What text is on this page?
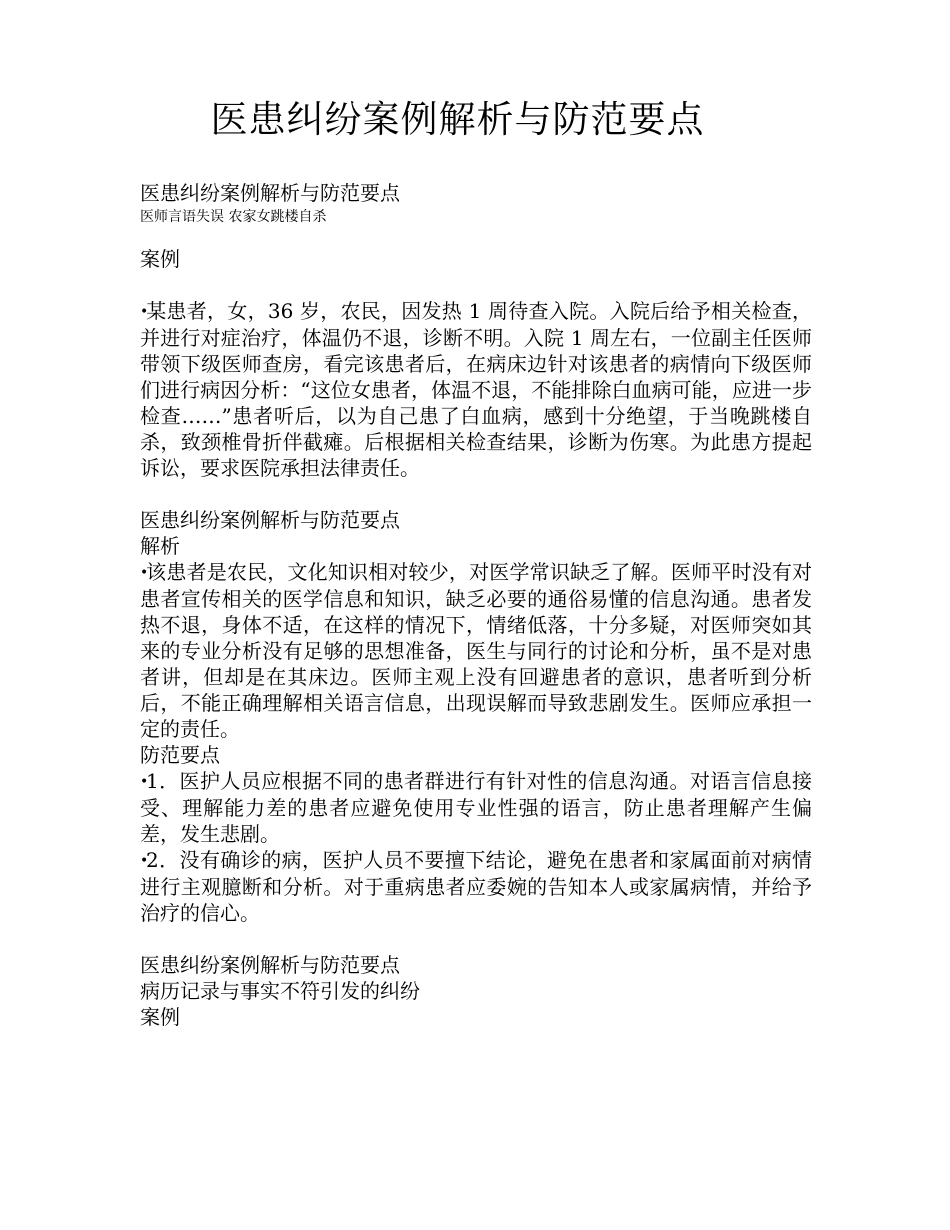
医患纠纷案例解析与防范要点

医患纠纷案例解析与防范要点

医师言语失误 农家女跳楼自杀

案例

•某患者，女，36 岁，农民，因发热 1 周待查入院。入院后给予相关检查，并进行对症治疗，体温仍不退，诊断不明。入院 1 周左右，一位副主任医师带领下级医师查房，看完该患者后，在病床边针对该患者的病情向下级医师们进行病因分析：“这位女患者，体温不退，不能排除白血病可能，应进一步检查……”患者听后，以为自己患了白血病，感到十分绝望，于当晚跳楼自杀，致颈椎骨折伴截瘫。后根据相关检查结果，诊断为伤寒。为此患方提起诉讼，要求医院承担法律责任。

医患纠纷案例解析与防范要点

解析

•该患者是农民，文化知识相对较少，对医学常识缺乏了解。医师平时没有对患者宣传相关的医学信息和知识，缺乏必要的通俗易懂的信息沟通。患者发热不退，身体不适，在这样的情况下，情绪低落，十分多疑，对医师突如其来的专业分析没有足够的思想准备，医生与同行的讨论和分析，虽不是对患者讲，但却是在其床边。医师主观上没有回避患者的意识，患者听到分析后，不能正确理解相关语言信息，出现误解而导致悲剧发生。医师应承担一定的责任。

防范要点

•1．医护人员应根据不同的患者群进行有针对性的信息沟通。对语言信息接受、理解能力差的患者应避免使用专业性强的语言，防止患者理解产生偏差，发生悲剧。

•2．没有确诊的病，医护人员不要擅下结论，避免在患者和家属面前对病情进行主观臆断和分析。对于重病患者应委婉的告知本人或家属病情，并给予治疗的信心。

医患纠纷案例解析与防范要点

病历记录与事实不符引发的纠纷

案例
